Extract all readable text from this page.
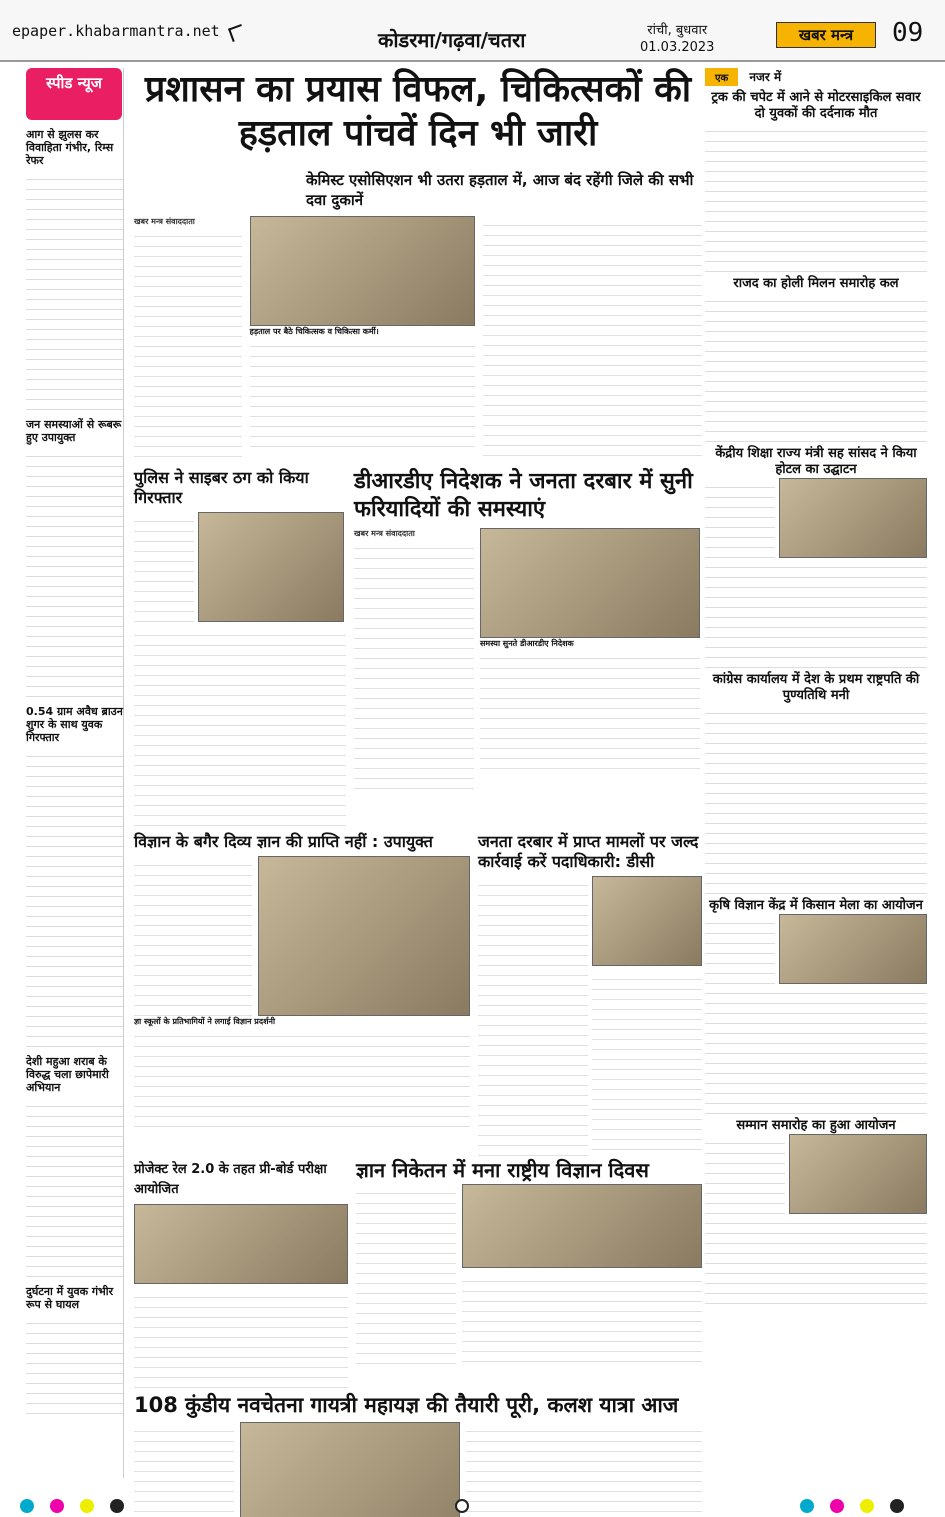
epaper.khabarmantra.net	कोडरमा/गढ़वा/चतरा	रांची, बुधवार
01.03.2023
खबर मन्त्र	09
स्पीड न्यूज
आग से झुलस कर विवाहिता गंभीर, रिम्स रेफर
जन समस्याओं से रूबरू हुए उपायुक्त
0.54 ग्राम अवैध ब्राउन शुगर के साथ युवक गिरफ्तार
देशी महुआ शराब के विरुद्ध चला छापेमारी अभियान
दुर्घटना में युवक गंभीर रूप से घायल
प्रशासन का प्रयास विफल, चिकित्सकों की हड़ताल पांचवें दिन भी जारी
केमिस्ट एसोसिएशन भी उतरा हड़ताल में, आज बंद रहेंगी जिले की सभी दवा दुकानें
खबर मन्त्र संवाददाता
हड़ताल पर बैठे चिकित्सक व चिकित्सा कर्मी।
पुलिस ने साइबर ठग को किया गिरफ्तार
डीआरडीए निदेशक ने जनता दरबार में सुनी फरियादियों की समस्याएं
खबर मन्त्र संवाददाता
समस्या सुनते डीआरडीए निदेशक
विज्ञान के बगैर दिव्य ज्ञान की प्राप्ति नहीं : उपायुक्त
ज्ञा स्कूलों के प्रतिभागियों ने लगाई विज्ञान प्रदर्शनी
जनता दरबार में प्राप्त मामलों पर जल्द कार्रवाई करें पदाधिकारी: डीसी
प्रोजेक्ट रेल 2.0 के तहत प्री-बोर्ड परीक्षा आयोजित
ज्ञान निकेतन में मना राष्ट्रीय विज्ञान दिवस
108 कुंडीय नवचेतना गायत्री महायज्ञ की तैयारी पूरी, कलश यात्रा आज
एक नजर में
ट्रक की चपेट में आने से मोटरसाइकिल सवार दो युवकों की दर्दनाक मौत
राजद का होली मिलन समारोह कल
केंद्रीय शिक्षा राज्य मंत्री सह सांसद ने किया होटल का उद्घाटन
कांग्रेस कार्यालय में देश के प्रथम राष्ट्रपति की पुण्यतिथि मनी
कृषि विज्ञान केंद्र में किसान मेला का आयोजन
सम्मान समारोह का हुआ आयोजन
